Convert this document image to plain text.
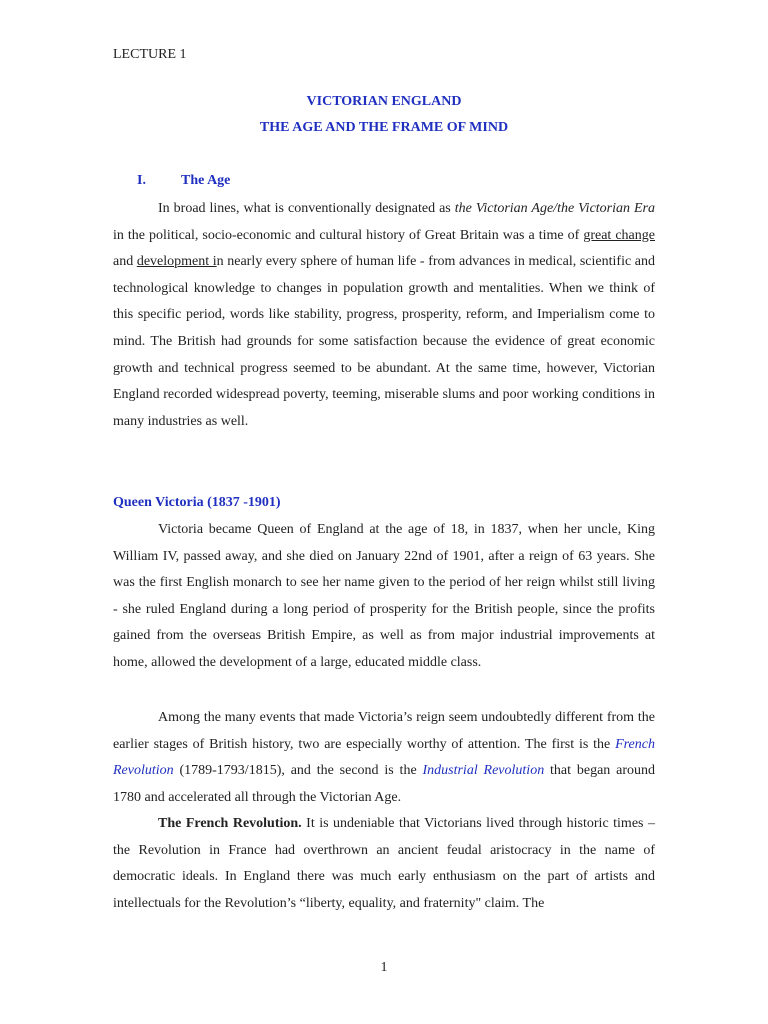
LECTURE 1
VICTORIAN ENGLAND
THE AGE AND THE FRAME OF MIND
I.	The Age
In broad lines, what is conventionally designated as the Victorian Age/the Victorian Era in the political, socio-economic and cultural history of Great Britain was a time of great change and development in nearly every sphere of human life - from advances in medical, scientific and technological knowledge to changes in population growth and mentalities. When we think of this specific period, words like stability, progress, prosperity, reform, and Imperialism come to mind. The British had grounds for some satisfaction because the evidence of great economic growth and technical progress seemed to be abundant. At the same time, however, Victorian England recorded widespread poverty, teeming, miserable slums and poor working conditions in many industries as well.
Queen Victoria (1837 -1901)
Victoria became Queen of England at the age of 18, in 1837, when her uncle, King William IV, passed away, and she died on January 22nd of 1901, after a reign of 63 years. She was the first English monarch to see her name given to the period of her reign whilst still living - she ruled England during a long period of prosperity for the British people, since the profits gained from the overseas British Empire, as well as from major industrial improvements at home, allowed the development of a large, educated middle class.
Among the many events that made Victoria’s reign seem undoubtedly different from the earlier stages of British history, two are especially worthy of attention. The first is the French Revolution (1789-1793/1815), and the second is the Industrial Revolution that began around 1780 and accelerated all through the Victorian Age.
The French Revolution. It is undeniable that Victorians lived through historic times – the Revolution in France had overthrown an ancient feudal aristocracy in the name of democratic ideals. In England there was much early enthusiasm on the part of artists and intellectuals for the Revolution’s “liberty, equality, and fraternity" claim. The
1
